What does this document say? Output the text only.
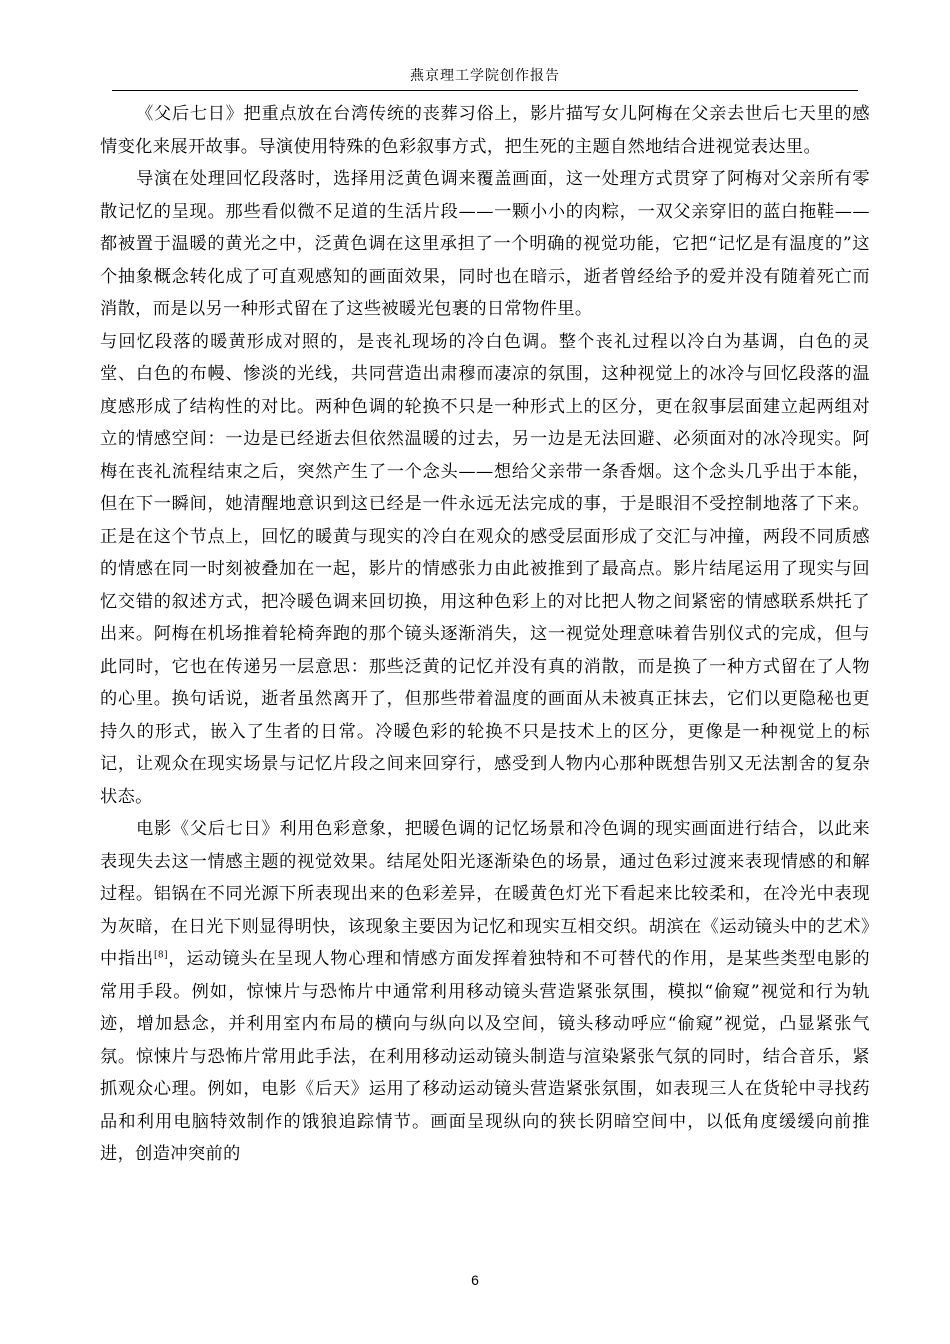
燕京理工学院创作报告

《父后七日》把重点放在台湾传统的丧葬习俗上，影片描写女儿阿梅在父亲去世后七天里的感情变化来展开故事。导演使用特殊的色彩叙事方式，把生死的主题自然地结合进视觉表达里。

导演在处理回忆段落时，选择用泛黄色调来覆盖画面，这一处理方式贯穿了阿梅对父亲所有零散记忆的呈现。那些看似微不足道的生活片段——一颗小小的肉粽，一双父亲穿旧的蓝白拖鞋——都被置于温暖的黄光之中，泛黄色调在这里承担了一个明确的视觉功能，它把“记忆是有温度的”这个抽象概念转化成了可直观感知的画面效果，同时也在暗示，逝者曾经给予的爱并没有随着死亡而消散，而是以另一种形式留在了这些被暖光包裹的日常物件里。

与回忆段落的暖黄形成对照的，是丧礼现场的冷白色调。整个丧礼过程以冷白为基调，白色的灵堂、白色的布幔、惨淡的光线，共同营造出肃穆而凄凉的氛围，这种视觉上的冰冷与回忆段落的温度感形成了结构性的对比。两种色调的轮换不只是一种形式上的区分，更在叙事层面建立起两组对立的情感空间：一边是已经逝去但依然温暖的过去，另一边是无法回避、必须面对的冰冷现实。阿梅在丧礼流程结束之后，突然产生了一个念头——想给父亲带一条香烟。这个念头几乎出于本能，但在下一瞬间，她清醒地意识到这已经是一件永远无法完成的事，于是眼泪不受控制地落了下来。正是在这个节点上，回忆的暖黄与现实的冷白在观众的感受层面形成了交汇与冲撞，两段不同质感的情感在同一时刻被叠加在一起，影片的情感张力由此被推到了最高点。影片结尾运用了现实与回忆交错的叙述方式，把冷暖色调来回切换，用这种色彩上的对比把人物之间紧密的情感联系烘托了出来。阿梅在机场推着轮椅奔跑的那个镜头逐渐消失，这一视觉处理意味着告别仪式的完成，但与此同时，它也在传递另一层意思：那些泛黄的记忆并没有真的消散，而是换了一种方式留在了人物的心里。换句话说，逝者虽然离开了，但那些带着温度的画面从未被真正抹去，它们以更隐秘也更持久的形式，嵌入了生者的日常。冷暖色彩的轮换不只是技术上的区分，更像是一种视觉上的标记，让观众在现实场景与记忆片段之间来回穿行，感受到人物内心那种既想告别又无法割舍的复杂状态。

电影《父后七日》利用色彩意象，把暖色调的记忆场景和冷色调的现实画面进行结合，以此来表现失去这一情感主题的视觉效果。结尾处阳光逐渐染色的场景，通过色彩过渡来表现情感的和解过程。铝锅在不同光源下所表现出来的色彩差异，在暖黄色灯光下看起来比较柔和，在冷光中表现为灰暗，在日光下则显得明快，该现象主要因为记忆和现实互相交织。胡滨在《运动镜头中的艺术》中指出[8]，运动镜头在呈现人物心理和情感方面发挥着独特和不可替代的作用，是某些类型电影的常用手段。例如，惊悚片与恐怖片中通常利用移动镜头营造紧张氛围，模拟“偷窥”视觉和行为轨迹，增加悬念，并利用室内布局的横向与纵向以及空间，镜头移动呼应“偷窥”视觉，凸显紧张气氛。惊悚片与恐怖片常用此手法，在利用移动运动镜头制造与渲染紧张气氛的同时，结合音乐，紧抓观众心理。例如，电影《后天》运用了移动运动镜头营造紧张氛围，如表现三人在货轮中寻找药品和利用电脑特效制作的饿狼追踪情节。画面呈现纵向的狭长阴暗空间中，以低角度缓缓向前推进，创造冲突前的

6
